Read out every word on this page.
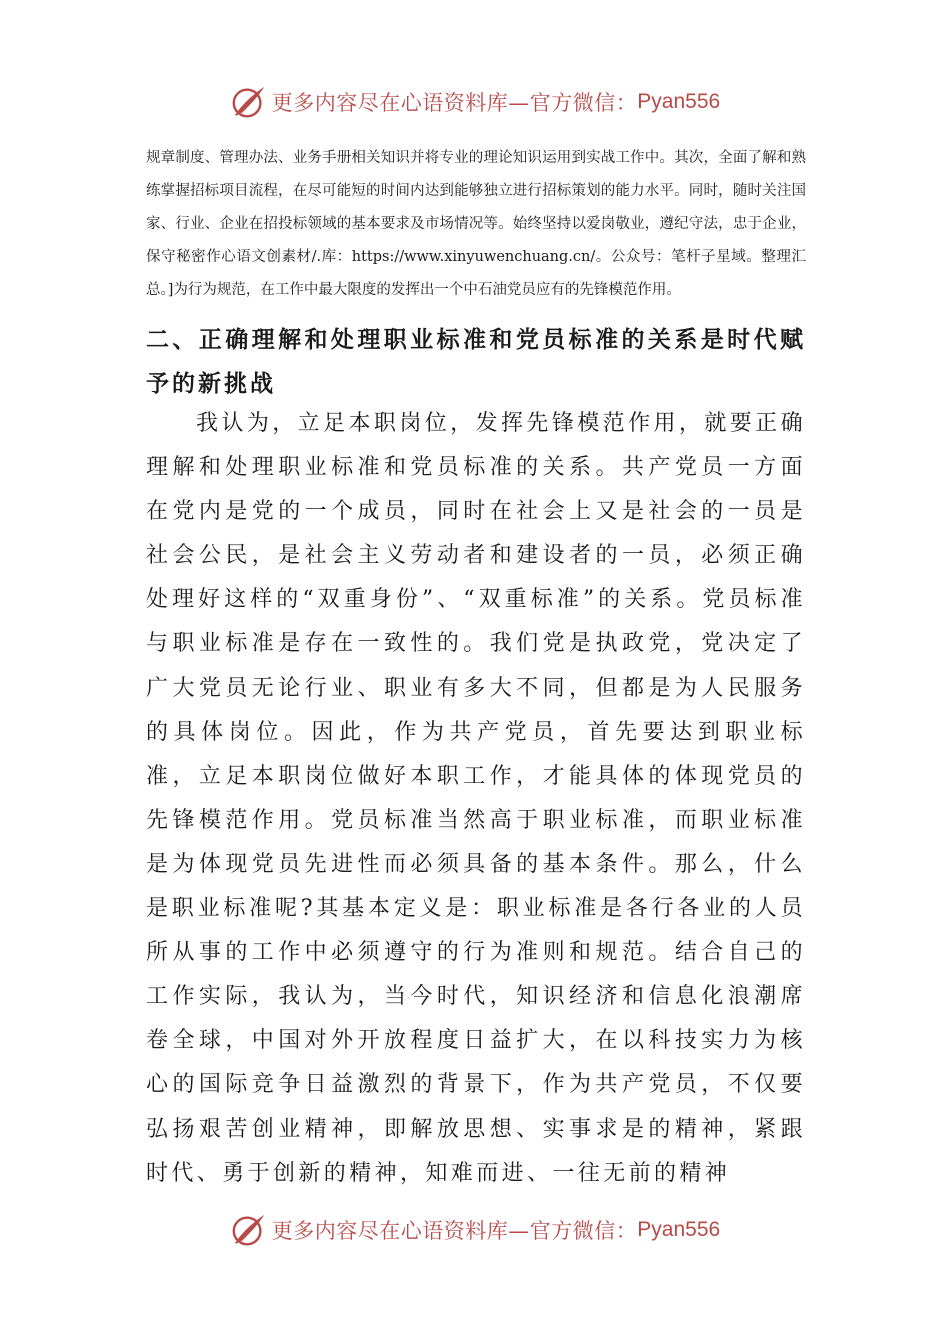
更多内容尽在心语资料库—官方微信： Pyan556

规章制度、管理办法、业务手册相关知识并将专业的理论知识运用到实战工作中。其次，全面了解和熟练掌握招标项目流程，在尽可能短的时间内达到能够独立进行招标策划的能力水平。同时，随时关注国家、行业、企业在招投标领域的基本要求及市场情况等。始终坚持以爱岗敬业，遵纪守法，忠于企业，保守秘密作心语文创素材/.库：https://www.xinyuwenchuang.cn/。公众号：笔杆子星域。整理汇总。]为行为规范，在工作中最大限度的发挥出一个中石油党员应有的先锋模范作用。

二、正确理解和处理职业标准和党员标准的关系是时代赋予的新挑战

我认为，立足本职岗位，发挥先锋模范作用，就要正确理解和处理职业标准和党员标准的关系。共产党员一方面在党内是党的一个成员，同时在社会上又是社会的一员是社会公民，是社会主义劳动者和建设者的一员，必须正确处理好这样的“双重身份”、“双重标准”的关系。党员标准与职业标准是存在一致性的。我们党是执政党，党决定了广大党员无论行业、职业有多大不同，但都是为人民服务的具体岗位。因此，作为共产党员，首先要达到职业标准，立足本职岗位做好本职工作，才能具体的体现党员的先锋模范作用。党员标准当然高于职业标准，而职业标准是为体现党员先进性而必须具备的基本条件。那么，什么是职业标准呢?其基本定义是：职业标准是各行各业的人员所从事的工作中必须遵守的行为准则和规范。结合自己的工作实际，我认为，当今时代，知识经济和信息化浪潮席卷全球，中国对外开放程度日益扩大，在以科技实力为核心的国际竞争日益激烈的背景下，作为共产党员，不仅要弘扬艰苦创业精神，即解放思想、实事求是的精神，紧跟时代、勇于创新的精神，知难而进、一往无前的精神

更多内容尽在心语资料库—官方微信： Pyan556
